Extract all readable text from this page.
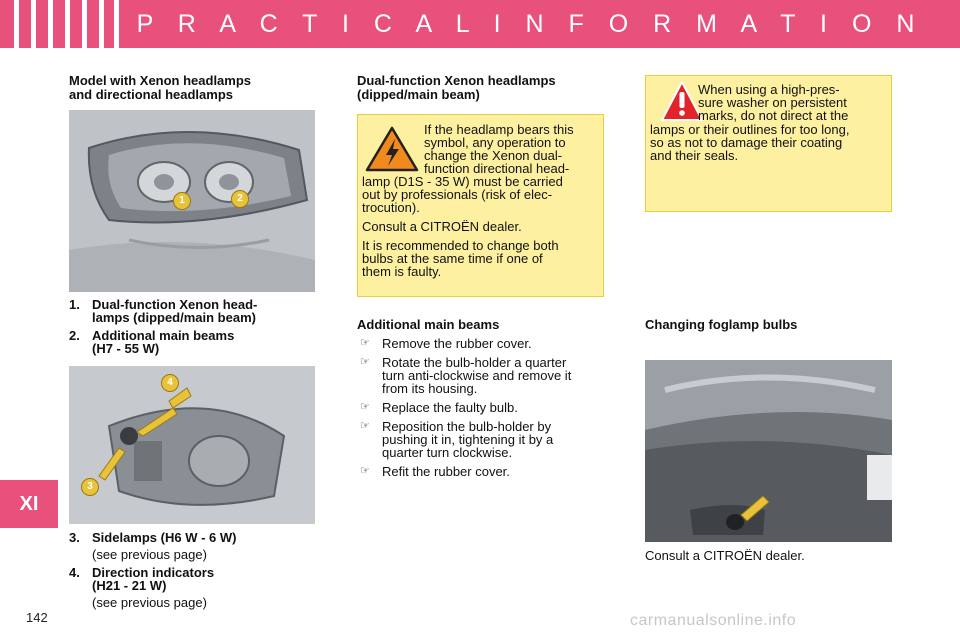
P R A C T I C A L I N F O R M A T I O N
XI
142
Model with Xenon headlamps
and directional headlamps
1	2
1. Dual-function Xenon head-
lamps (dipped/main beam)
2. Additional main beams
(H7 - 55 W)
4
3
3. Sidelamps (H6 W - 6 W)
(see previous page)
4. Direction indicators
(H21 - 21 W)
(see previous page)
Dual-function Xenon headlamps
(dipped/main beam)
If the headlamp bears this
symbol, any operation to
change the Xenon dual-
function directional head-
lamp (D1S - 35 W) must be carried
out by professionals (risk of elec-
trocution).
Consult a CITROËN dealer.
It is recommended to change both
bulbs at the same time if one of
them is faulty.
Additional main beams
☞ Remove the rubber cover.
☞ Rotate the bulb-holder a quarter
turn anti-clockwise and remove it
from its housing.
☞ Replace the faulty bulb.
☞ Reposition the bulb-holder by
pushing it in, tightening it by a
quarter turn clockwise.
☞ Refit the rubber cover.
When using a high-pres-
sure washer on persistent
marks, do not direct at the
lamps or their outlines for too long,
so as not to damage their coating
and their seals.
Changing foglamp bulbs
Consult a CITROËN dealer.
carmanualsonline.info
